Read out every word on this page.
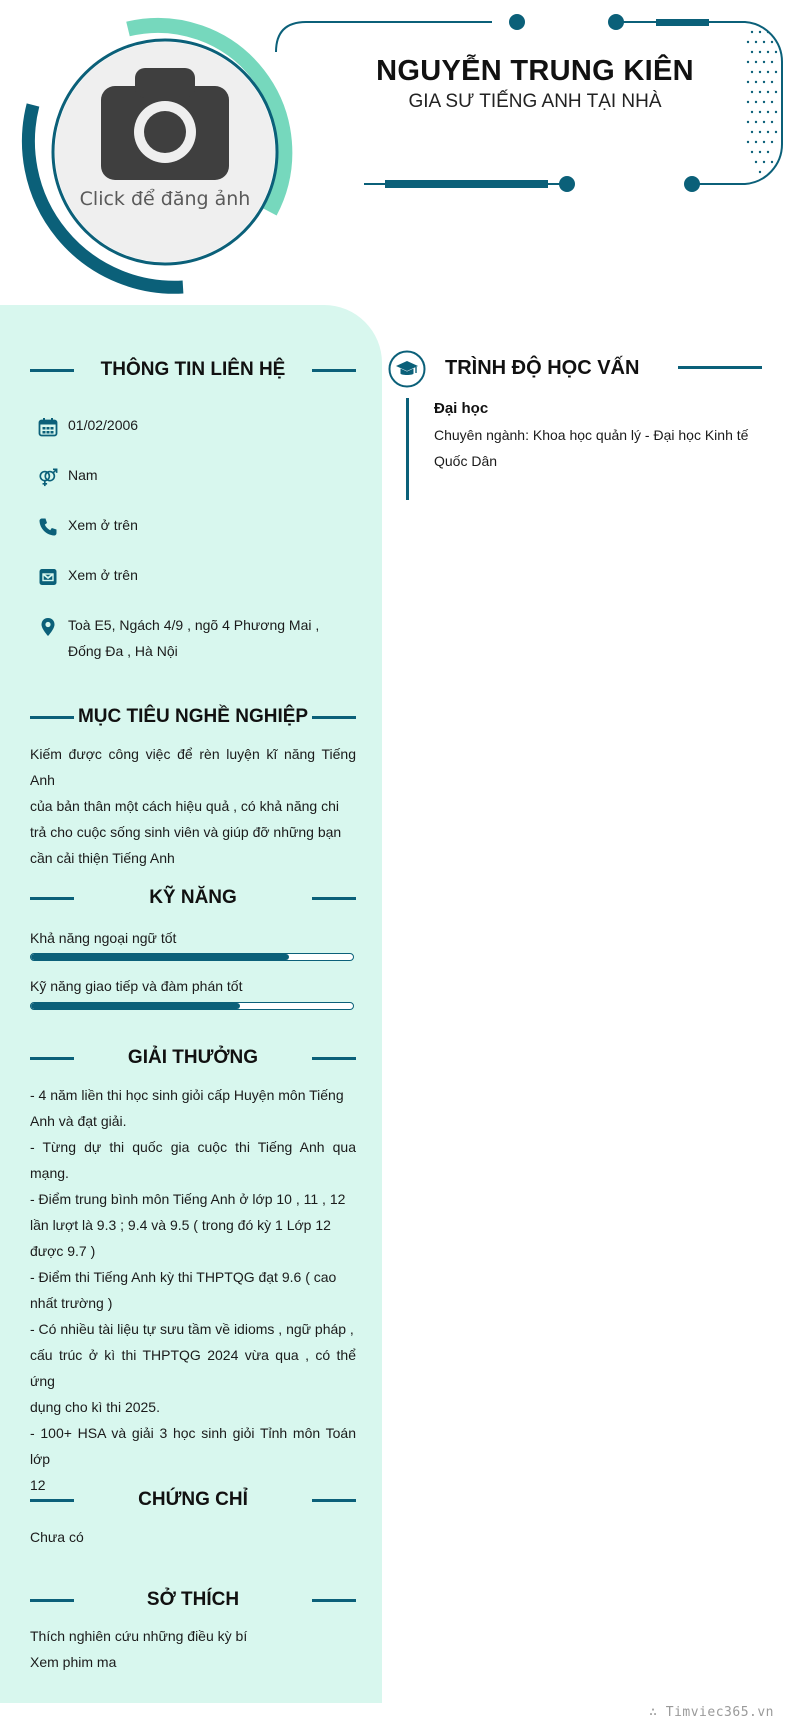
Click để đăng ảnh
NGUYỄN TRUNG KIÊN
GIA SƯ TIẾNG ANH TẠI NHÀ
THÔNG TIN LIÊN HỆ
01/02/2006
Nam
Xem ở trên
Xem ở trên
Toà E5, Ngách 4/9 , ngõ 4 Phương Mai ,
Đống Đa , Hà Nội
MỤC TIÊU NGHỀ NGHIỆP
Kiếm được công việc để rèn luyện kĩ năng Tiếng Anh
của bản thân một cách hiệu quả , có khả năng chi
trả cho cuộc sống sinh viên và giúp đỡ những bạn
cần cải thiện Tiếng Anh
KỸ NĂNG
Khả năng ngoại ngữ tốt
Kỹ năng giao tiếp và đàm phán tốt
GIẢI THƯỞNG
- 4 năm liền thi học sinh giỏi cấp Huyện môn Tiếng
Anh và đạt giải.
- Từng dự thi quốc gia cuộc thi Tiếng Anh qua mạng.
- Điểm trung bình môn Tiếng Anh ở lớp 10 , 11 , 12
lần lượt là 9.3 ; 9.4 và 9.5 ( trong đó kỳ 1 Lớp 12
được 9.7 )
- Điểm thi Tiếng Anh kỳ thi THPTQG đạt 9.6 ( cao
nhất trường )
- Có nhiều tài liệu tự sưu tầm về idioms , ngữ pháp ,
cấu trúc ở kì thi THPTQG 2024 vừa qua , có thể ứng
dụng cho kì thi 2025.
- 100+ HSA và giải 3 học sinh giỏi Tỉnh môn Toán lớp
12
CHỨNG CHỈ
Chưa có
SỞ THÍCH
Thích nghiên cứu những điều kỳ bí
Xem phim ma
TRÌNH ĐỘ HỌC VẤN
Đại học
Chuyên ngành: Khoa học quản lý - Đại học Kinh tế
Quốc Dân
∴ Timviec365.vn
